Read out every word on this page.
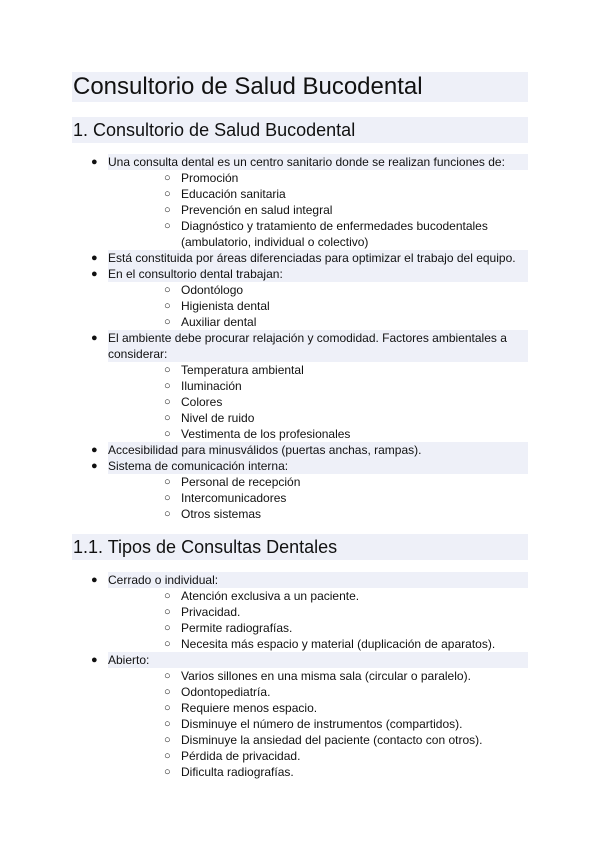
Consultorio de Salud Bucodental
1. Consultorio de Salud Bucodental
● Una consulta dental es un centro sanitario donde se realizan funciones de:
○ Promoción
○ Educación sanitaria
○ Prevención en salud integral
○ Diagnóstico y tratamiento de enfermedades bucodentales (ambulatorio, individual o colectivo)
● Está constituida por áreas diferenciadas para optimizar el trabajo del equipo.
● En el consultorio dental trabajan:
○ Odontólogo
○ Higienista dental
○ Auxiliar dental
● El ambiente debe procurar relajación y comodidad. Factores ambientales a considerar:
○ Temperatura ambiental
○ Iluminación
○ Colores
○ Nivel de ruido
○ Vestimenta de los profesionales
● Accesibilidad para minusválidos (puertas anchas, rampas).
● Sistema de comunicación interna:
○ Personal de recepción
○ Intercomunicadores
○ Otros sistemas
1.1. Tipos de Consultas Dentales
● Cerrado o individual:
○ Atención exclusiva a un paciente.
○ Privacidad.
○ Permite radiografías.
○ Necesita más espacio y material (duplicación de aparatos).
● Abierto:
○ Varios sillones en una misma sala (circular o paralelo).
○ Odontopediatría.
○ Requiere menos espacio.
○ Disminuye el número de instrumentos (compartidos).
○ Disminuye la ansiedad del paciente (contacto con otros).
○ Pérdida de privacidad.
○ Dificulta radiografías.
